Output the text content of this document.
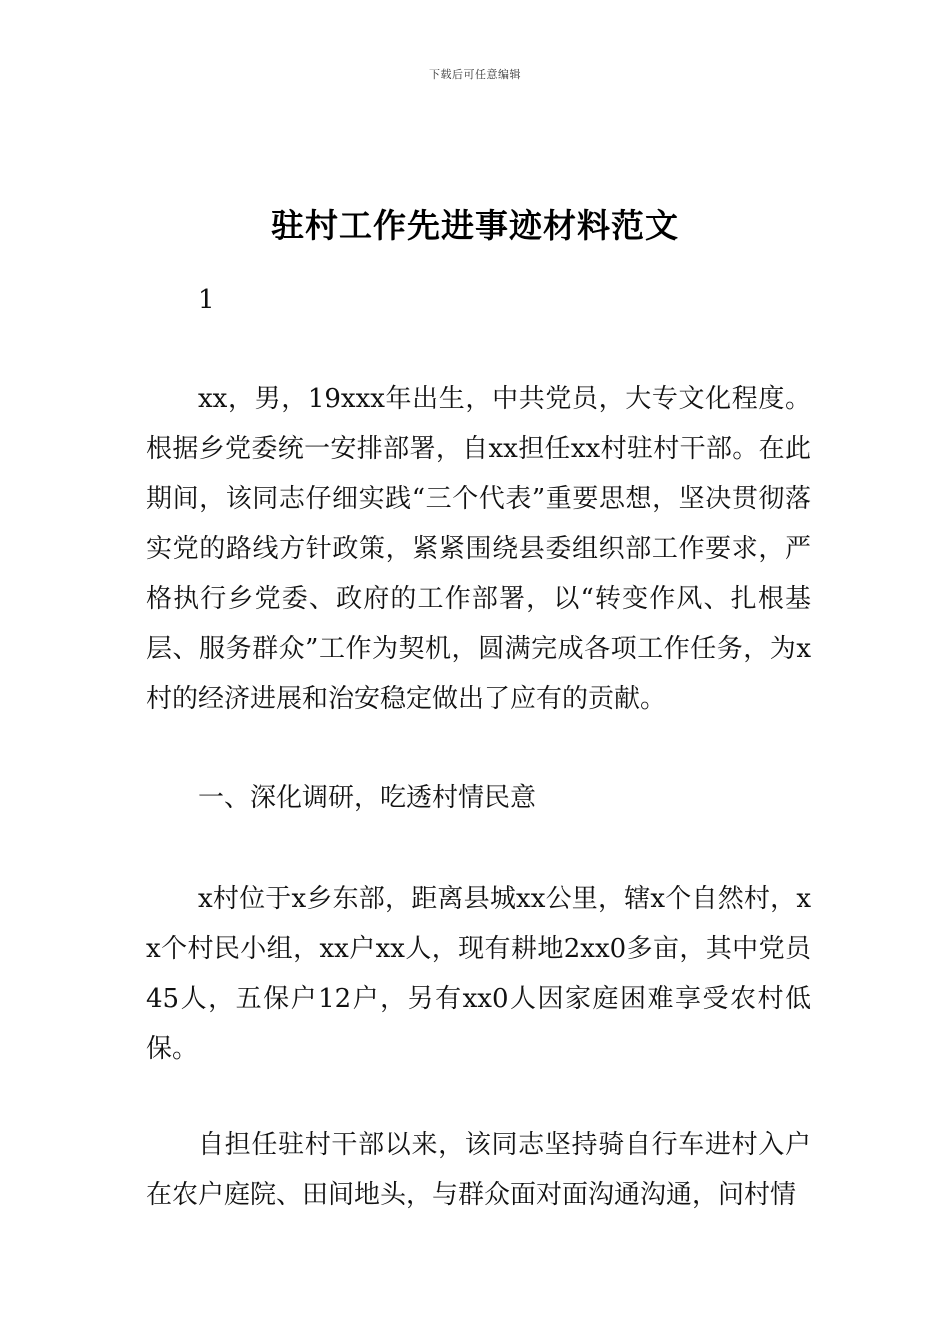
下载后可任意编辑
驻村工作先进事迹材料范文

1

xx，男，19xxx年出生，中共党员，大专文化程度。根据乡党委统一安排部署，自xx担任xx村驻村干部。在此期间，该同志仔细实践“三个代表”重要思想，坚决贯彻落实党的路线方针政策，紧紧围绕县委组织部工作要求，严格执行乡党委、政府的工作部署，以“转变作风、扎根基层、服务群众”工作为契机，圆满完成各项工作任务，为x村的经济进展和治安稳定做出了应有的贡献。

一、深化调研，吃透村情民意

x村位于x乡东部，距离县城xx公里，辖x个自然村，xx个村民小组，xx户xx人，现有耕地2xx0多亩，其中党员45人，五保户12户，另有xx0人因家庭困难享受农村低保。

自担任驻村干部以来，该同志坚持骑自行车进村入户在农户庭院、田间地头，与群众面对面沟通沟通，问村情
